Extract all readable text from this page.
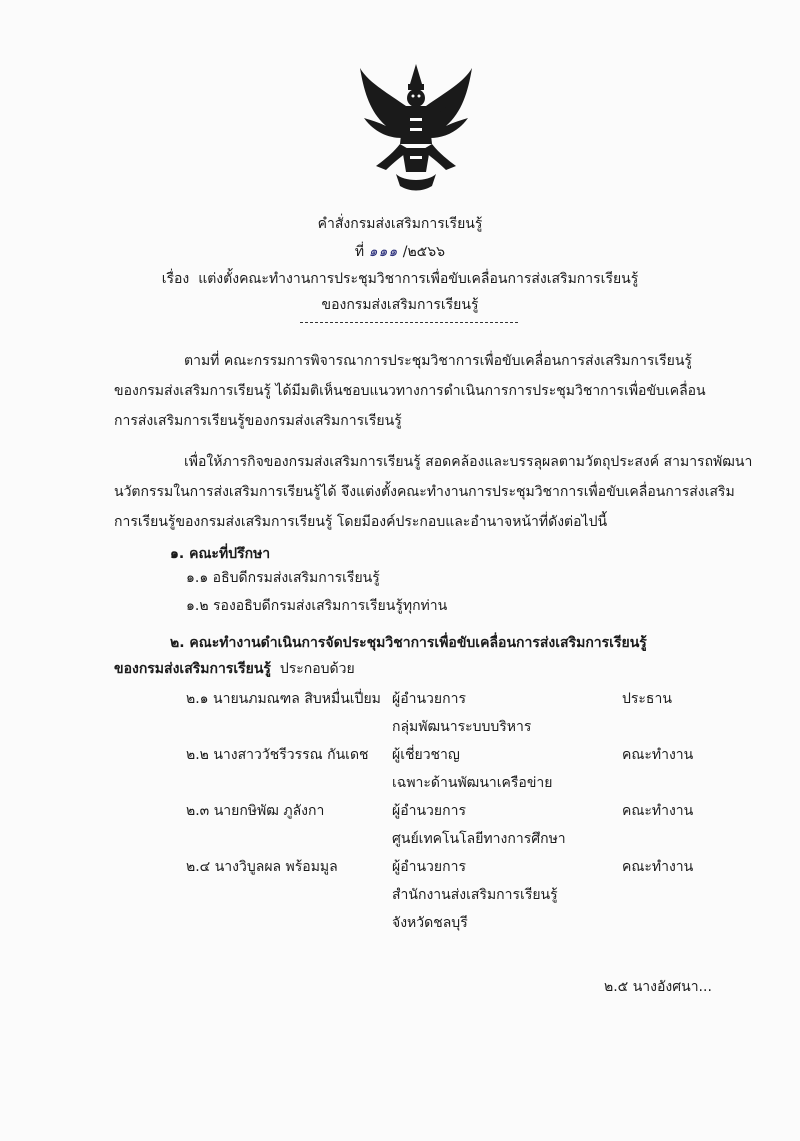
คำสั่งกรมส่งเสริมการเรียนรู้
ที่ ๑๑๑ /๒๕๖๖
เรื่อง แต่งตั้งคณะทำงานการประชุมวิชาการเพื่อขับเคลื่อนการส่งเสริมการเรียนรู้
ของกรมส่งเสริมการเรียนรู้
ตามที่ คณะกรรมการพิจารณาการประชุมวิชาการเพื่อขับเคลื่อนการส่งเสริมการเรียนรู้
ของกรมส่งเสริมการเรียนรู้ ได้มีมติเห็นชอบแนวทางการดำเนินการการประชุมวิชาการเพื่อขับเคลื่อน
การส่งเสริมการเรียนรู้ของกรมส่งเสริมการเรียนรู้
เพื่อให้ภารกิจของกรมส่งเสริมการเรียนรู้ สอดคล้องและบรรลุผลตามวัตถุประสงค์ สามารถพัฒนา
นวัตกรรมในการส่งเสริมการเรียนรู้ได้ จึงแต่งตั้งคณะทำงานการประชุมวิชาการเพื่อขับเคลื่อนการส่งเสริม
การเรียนรู้ของกรมส่งเสริมการเรียนรู้ โดยมีองค์ประกอบและอำนาจหน้าที่ดังต่อไปนี้
๑. คณะที่ปรึกษา
๑.๑ อธิบดีกรมส่งเสริมการเรียนรู้
๑.๒ รองอธิบดีกรมส่งเสริมการเรียนรู้ทุกท่าน
๒. คณะทำงานดำเนินการจัดประชุมวิชาการเพื่อขับเคลื่อนการส่งเสริมการเรียนรู้
ของกรมส่งเสริมการเรียนรู้ ประกอบด้วย
๒.๑ นายนภมณฑล สิบหมื่นเปี่ยม ผู้อำนวยการ
กลุ่มพัฒนาระบบบริหาร
ประธาน
๒.๒ นางสาววัชรีวรรณ กันเดช ผู้เชี่ยวชาญ
เฉพาะด้านพัฒนาเครือข่าย
คณะทำงาน
๒.๓ นายกษิพัฒ ภูลังกา	ผู้อำนวยการ
ศูนย์เทคโนโลยีทางการศึกษา
คณะทำงาน
๒.๔ นางวิบูลผล พร้อมมูล	ผู้อำนวยการ
สำนักงานส่งเสริมการเรียนรู้
จังหวัดชลบุรี
คณะทำงาน
๒.๕ นางอังศนา...
